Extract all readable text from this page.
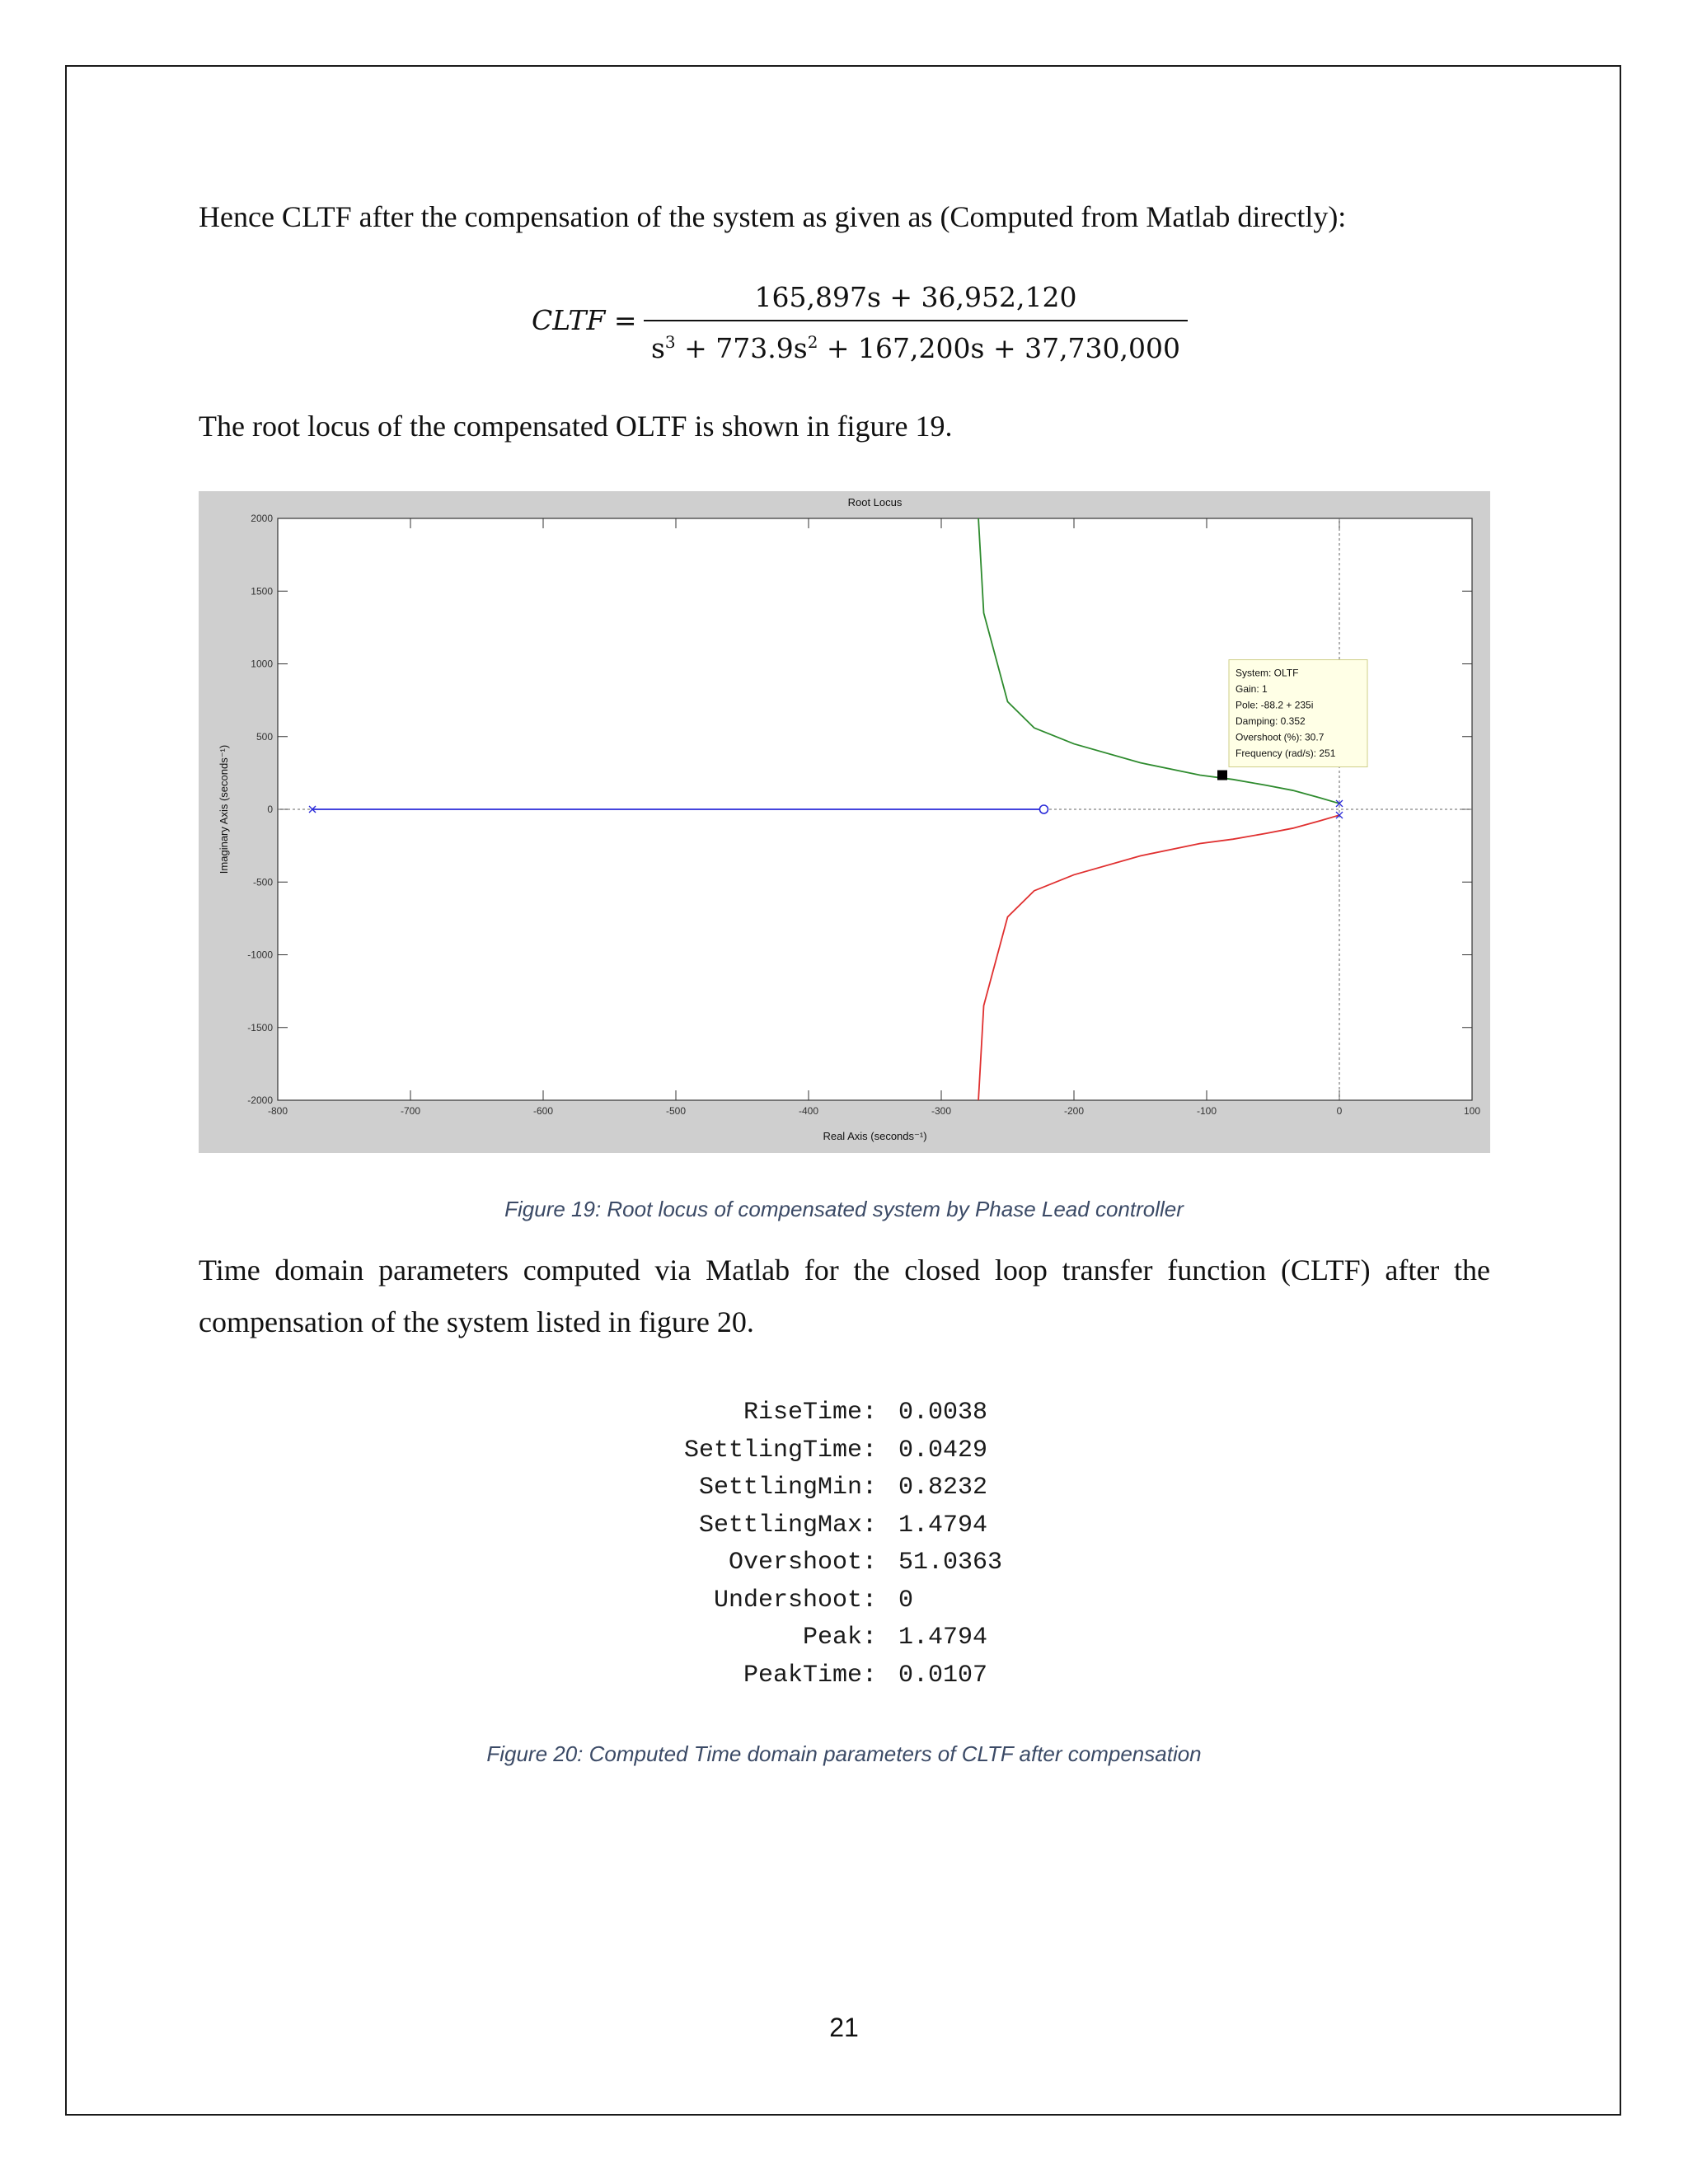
Hence CLTF after the compensation of the system as given as (Computed from Matlab directly):

CLTF =
165,897s + 36,952,120
$s^3 + 773.9s^2 + 167,200s + 37,730,000$

The root locus of the compensated OLTF is shown in figure 19.

Root Locus
-800	-700	-600	-500	-400	-300	-200	-100	0	100
2000
1500
1000
500
0
-500
-1000
-1500
-2000
System: OLTF
Gain: 1
Pole: -88.2 + 235i
Damping: 0.352
Overshoot (%): 30.7
Frequency (rad/s): 251
Real Axis (seconds⁻¹)
Imaginary Axis (seconds⁻¹)
Figure 19: Root locus of compensated system by Phase Lead controller

Time domain parameters computed via Matlab for the closed loop transfer function (CLTF) after the compensation of the system listed in figure 20.

RiseTime: 0.0038
SettlingTime: 0.0429
SettlingMin: 0.8232
SettlingMax: 1.4794
Overshoot: 51.0363
Undershoot: 0
Peak: 1.4794
PeakTime: 0.0107
Figure 20: Computed Time domain parameters of CLTF after compensation
21
